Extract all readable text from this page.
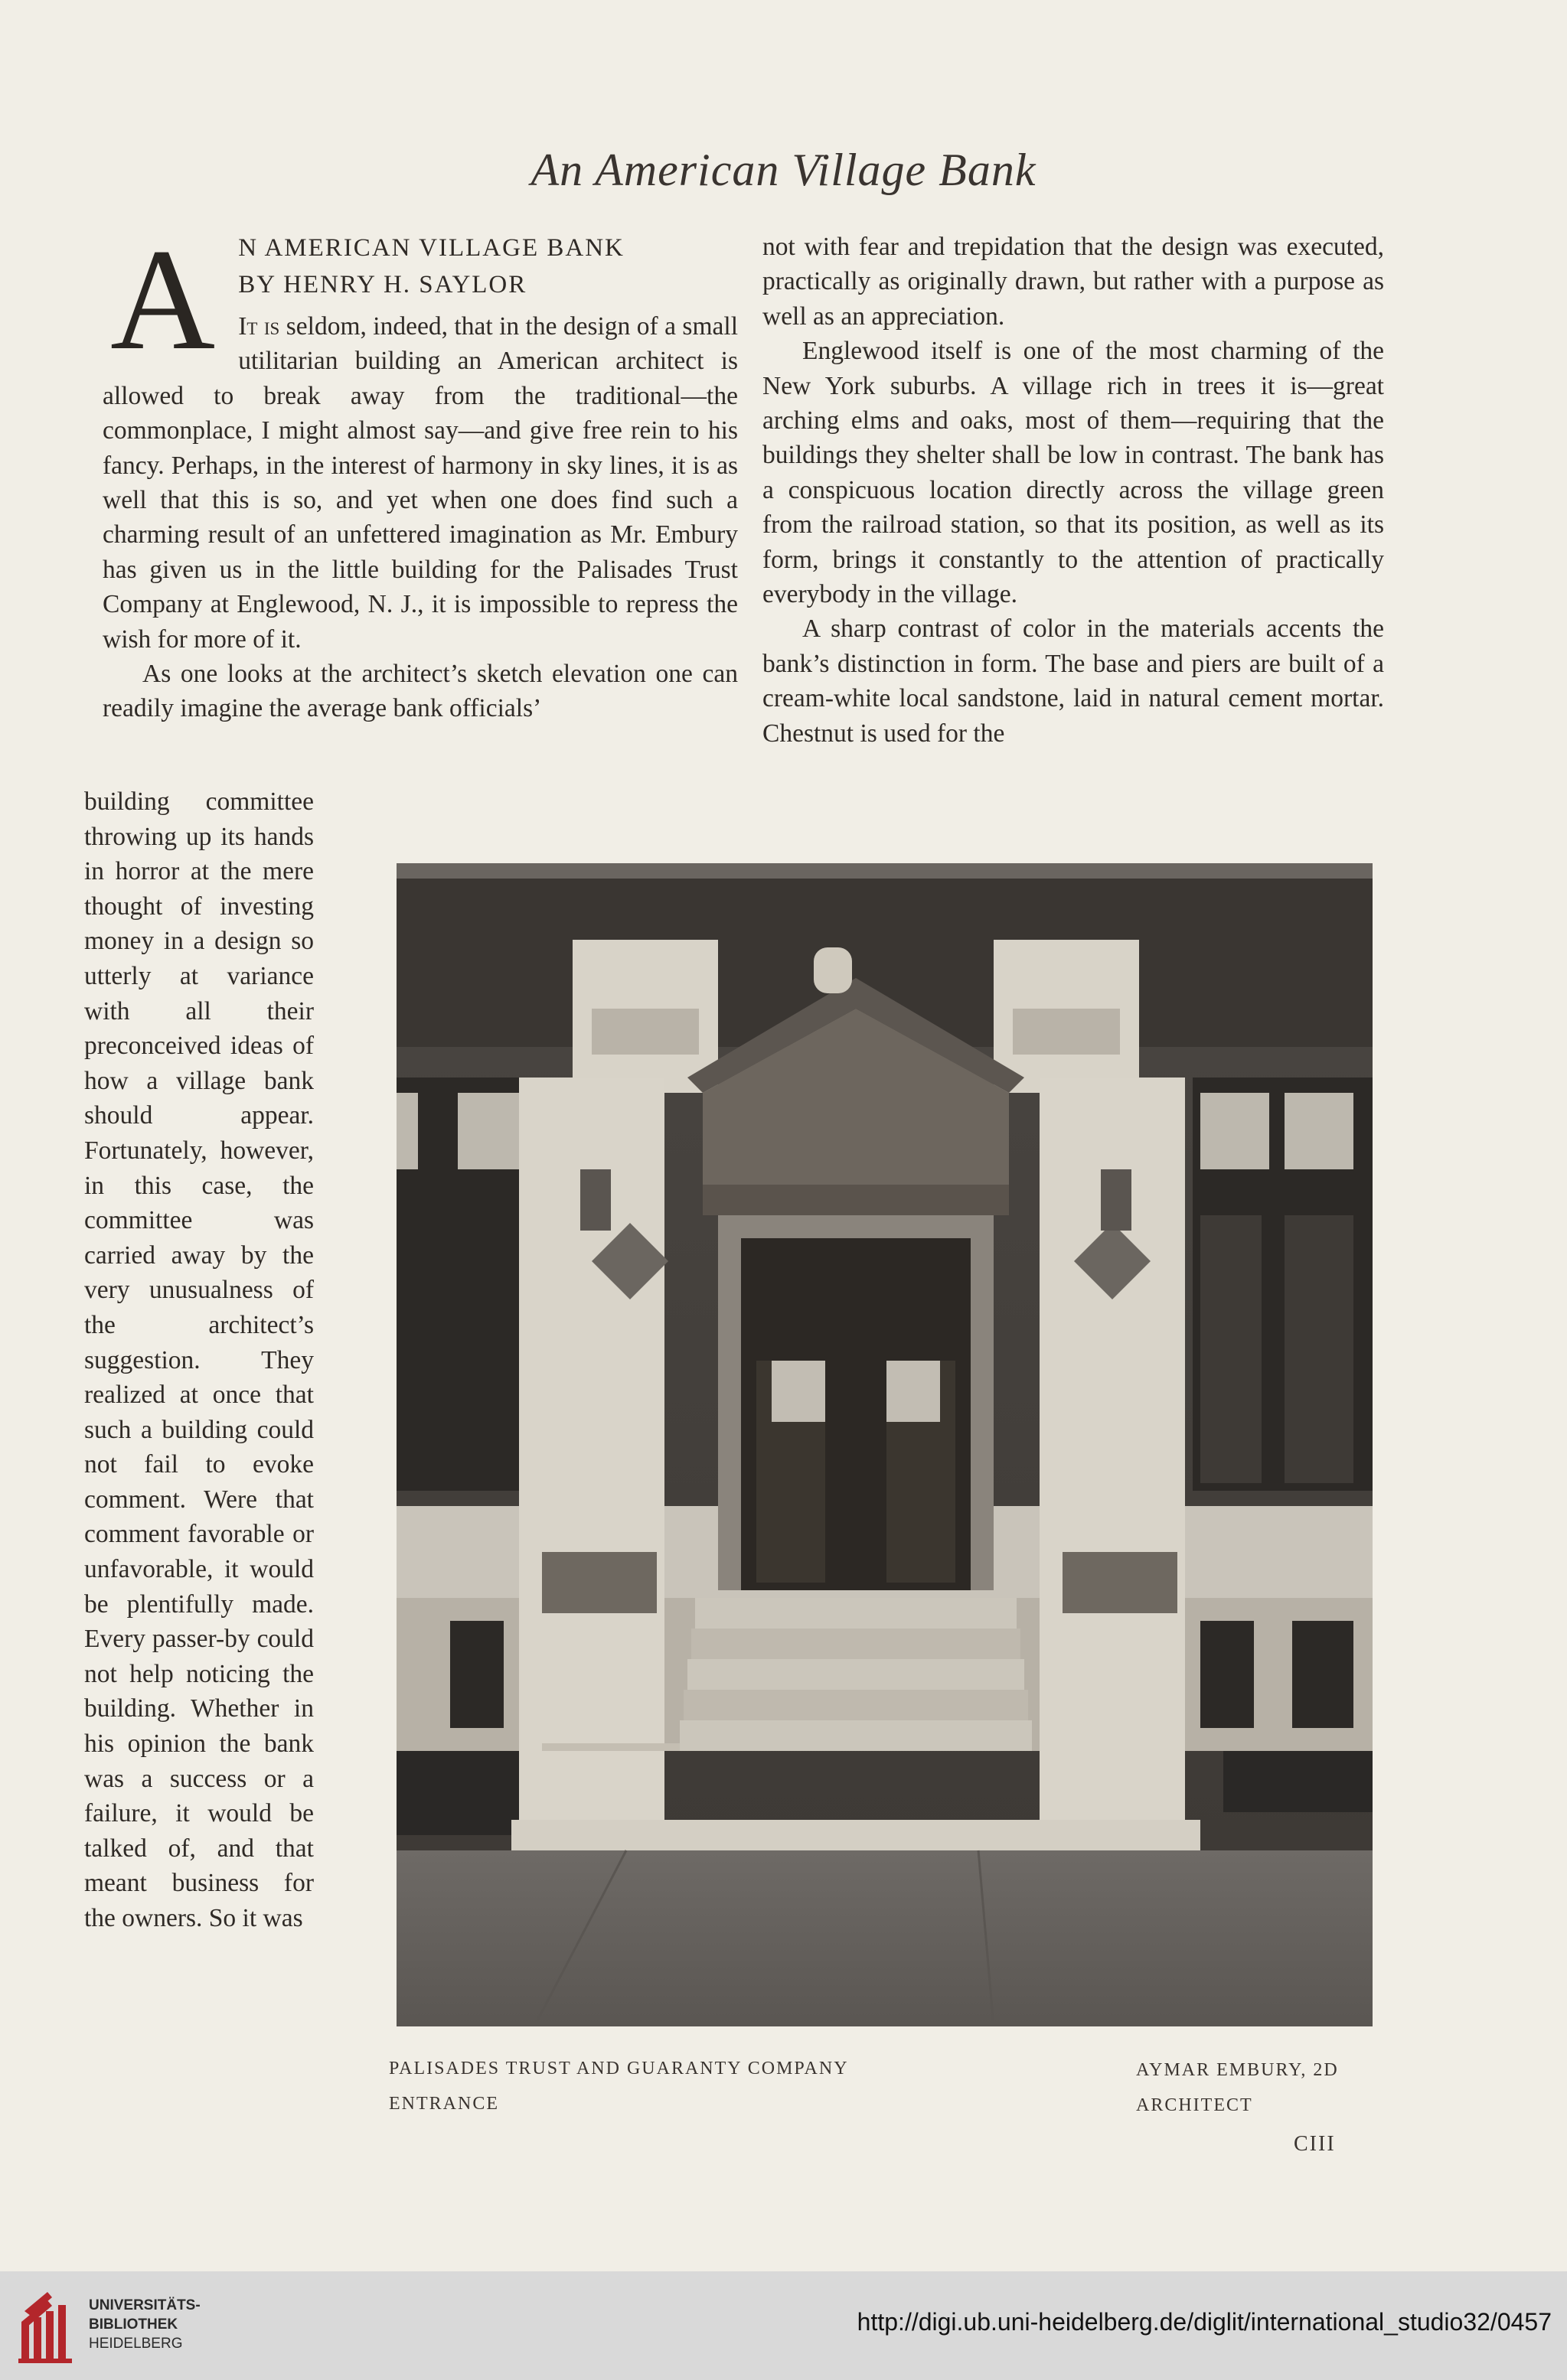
An American Village Bank
A N AMERICAN VILLAGE BANK
BY HENRY H. SAYLOR

It is seldom, indeed, that in the design of a small utilitarian building an American architect is allowed to break away from the traditional—the commonplace, I might almost say—and give free rein to his fancy. Perhaps, in the interest of harmony in sky lines, it is as well that this is so, and yet when one does find such a charming result of an unfettered imagination as Mr. Embury has given us in the little building for the Palisades Trust Company at Englewood, N. J., it is impossible to repress the wish for more of it.

As one looks at the architect’s sketch elevation one can readily imagine the average bank officials’

building committee throwing up its hands in horror at the mere thought of investing money in a design so utterly at variance with all their preconceived ideas of how a village bank should appear. Fortunately, however, in this case, the committee was carried away by the very unusualness of the architect’s suggestion. They realized at once that such a building could not fail to evoke comment. Were that comment favorable or unfavorable, it would be plentifully made. Every passer-by could not help noticing the building. Whether in his opinion the bank was a success or a failure, it would be talked of, and that meant business for the owners. So it was

not with fear and trepidation that the design was executed, practically as originally drawn, but rather with a purpose as well as an appreciation.

Englewood itself is one of the most charming of the New York suburbs. A village rich in trees it is—great arching elms and oaks, most of them—requiring that the buildings they shelter shall be low in contrast. The bank has a conspicuous location directly across the village green from the railroad station, so that its position, as well as its form, brings it constantly to the attention of practically everybody in the village.

A sharp contrast of color in the materials accents the bank’s distinction in form. The base and piers are built of a cream-white local sandstone, laid in natural cement mortar. Chestnut is used for the

PALISADES TRUST AND GUARANTY COMPANY
ENTRANCE
AYMAR EMBURY, 2D
ARCHITECT
CIII
UNIVERSITÄTS-
BIBLIOTHEK
HEIDELBERG
http://digi.ub.uni-heidelberg.de/diglit/international_studio32/0457
